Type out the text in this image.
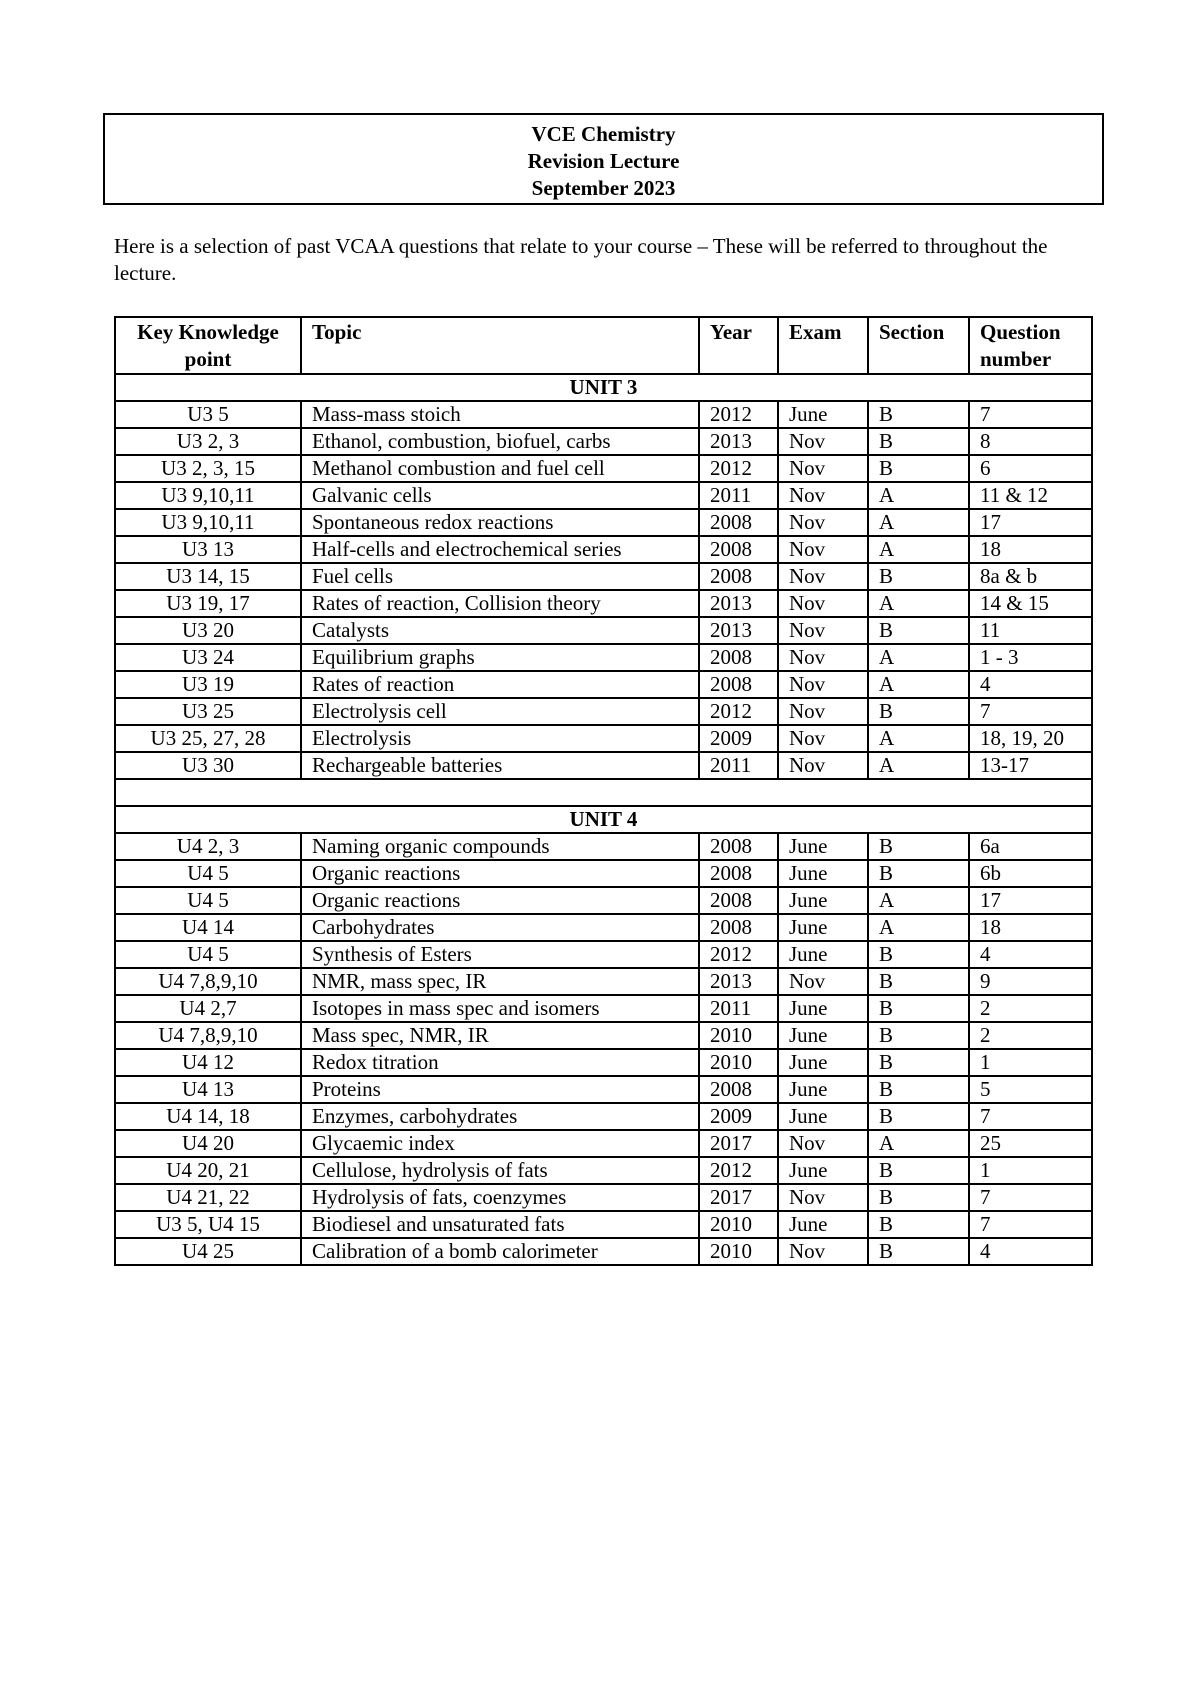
VCE Chemistry
Revision Lecture
September 2023
Here is a selection of past VCAA questions that relate to your course – These will be referred to throughout the lecture.
Key Knowledge point	Topic	Year	Exam	Section	Question number
UNIT 3					
U3 5	Mass-mass stoich	2012	June	B	7
U3 2, 3	Ethanol, combustion, biofuel, carbs	2013	Nov	B	8
U3 2, 3, 15	Methanol combustion and fuel cell	2012	Nov	B	6
U3 9,10,11	Galvanic cells	2011	Nov	A	11 & 12
U3 9,10,11	Spontaneous redox reactions	2008	Nov	A	17
U3 13	Half-cells and electrochemical series	2008	Nov	A	18
U3 14, 15	Fuel cells	2008	Nov	B	8a & b
U3 19, 17	Rates of reaction, Collision theory	2013	Nov	A	14 & 15
U3 20	Catalysts	2013	Nov	B	11
U3 24	Equilibrium graphs	2008	Nov	A	1 - 3
U3 19	Rates of reaction	2008	Nov	A	4
U3 25	Electrolysis cell	2012	Nov	B	7
U3 25, 27, 28	Electrolysis	2009	Nov	A	18, 19, 20
U3 30	Rechargeable batteries	2011	Nov	A	13-17

UNIT 4					
U4 2, 3	Naming organic compounds	2008	June	B	6a
U4 5	Organic reactions	2008	June	B	6b
U4 5	Organic reactions	2008	June	A	17
U4 14	Carbohydrates	2008	June	A	18
U4 5	Synthesis of Esters	2012	June	B	4
U4 7,8,9,10	NMR, mass spec, IR	2013	Nov	B	9
U4 2,7	Isotopes in mass spec and isomers	2011	June	B	2
U4 7,8,9,10	Mass spec, NMR, IR	2010	June	B	2
U4 12	Redox titration	2010	June	B	1
U4 13	Proteins	2008	June	B	5
U4 14, 18	Enzymes, carbohydrates	2009	June	B	7
U4 20	Glycaemic index	2017	Nov	A	25
U4 20, 21	Cellulose, hydrolysis of fats	2012	June	B	1
U4 21, 22	Hydrolysis of fats, coenzymes	2017	Nov	B	7
U3 5, U4 15	Biodiesel and unsaturated fats	2010	June	B	7
U4 25	Calibration of a bomb calorimeter	2010	Nov	B	4
